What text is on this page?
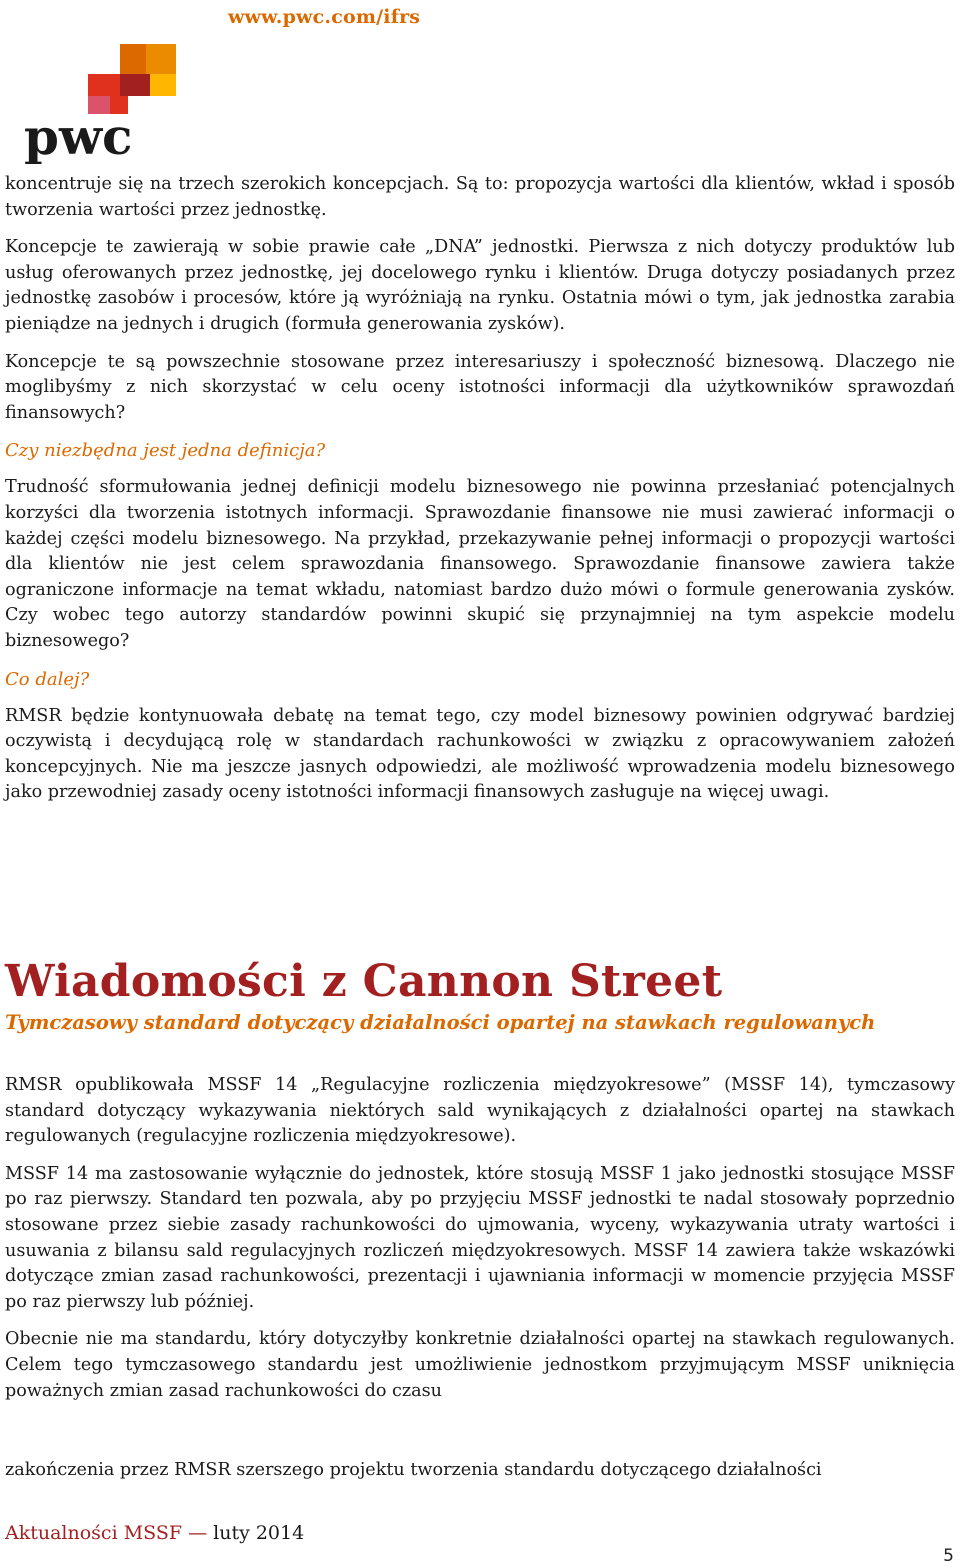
www.pwc.com/ifrs
pwc

koncentruje się na trzech szerokich koncepcjach. Są to: propozycja wartości dla klientów, wkład i sposób tworzenia wartości przez jednostkę.

Koncepcje te zawierają w sobie prawie całe „DNA” jednostki. Pierwsza z nich dotyczy produktów lub usług oferowanych przez jednostkę, jej docelowego rynku i klientów. Druga dotyczy posiadanych przez jednostkę zasobów i procesów, które ją wyróżniają na rynku. Ostatnia mówi o tym, jak jednostka zarabia pieniądze na jednych i drugich (formuła generowania zysków).

Koncepcje te są powszechnie stosowane przez interesariuszy i społeczność biznesową. Dlaczego nie moglibyśmy z nich skorzystać w celu oceny istotności informacji dla użytkowników sprawozdań finansowych?

Czy niezbędna jest jedna definicja?

Trudność sformułowania jednej definicji modelu biznesowego nie powinna przesłaniać potencjalnych korzyści dla tworzenia istotnych informacji. Sprawozdanie finansowe nie musi zawierać informacji o każdej części modelu biznesowego. Na przykład, przekazywanie pełnej informacji o propozycji wartości dla klientów nie jest celem sprawozdania finansowego. Sprawozdanie finansowe zawiera także ograniczone informacje na temat wkładu, natomiast bardzo dużo mówi o formule generowania zysków. Czy wobec tego autorzy standardów powinni skupić się przynajmniej na tym aspekcie modelu biznesowego?

Co dalej?

RMSR będzie kontynuowała debatę na temat tego, czy model biznesowy powinien odgrywać bardziej oczywistą i decydującą rolę w standardach rachunkowości w związku z opracowywaniem założeń koncepcyjnych. Nie ma jeszcze jasnych odpowiedzi, ale możliwość wprowadzenia modelu biznesowego jako przewodniej zasady oceny istotności informacji finansowych zasługuje na więcej uwagi.

Wiadomości z Cannon Street
Tymczasowy standard dotyczący działalności opartej na stawkach regulowanych

RMSR opublikowała MSSF 14 „Regulacyjne rozliczenia międzyokresowe” (MSSF 14), tymczasowy standard dotyczący wykazywania niektórych sald wynikających z działalności opartej na stawkach regulowanych (regulacyjne rozliczenia międzyokresowe).

MSSF 14 ma zastosowanie wyłącznie do jednostek, które stosują MSSF 1 jako jednostki stosujące MSSF po raz pierwszy. Standard ten pozwala, aby po przyjęciu MSSF jednostki te nadal stosowały poprzednio stosowane przez siebie zasady rachunkowości do ujmowania, wyceny, wykazywania utraty wartości i usuwania z bilansu sald regulacyjnych rozliczeń międzyokresowych. MSSF 14 zawiera także wskazówki dotyczące zmian zasad rachunkowości, prezentacji i ujawniania informacji w momencie przyjęcia MSSF po raz pierwszy lub później.

Obecnie nie ma standardu, który dotyczyłby konkretnie działalności opartej na stawkach regulowanych. Celem tego tymczasowego standardu jest umożliwienie jednostkom przyjmującym MSSF uniknięcia poważnych zmian zasad rachunkowości do czasu

zakończenia przez RMSR szerszego projektu tworzenia standardu dotyczącego działalności

Aktualności MSSF — luty 2014
5
